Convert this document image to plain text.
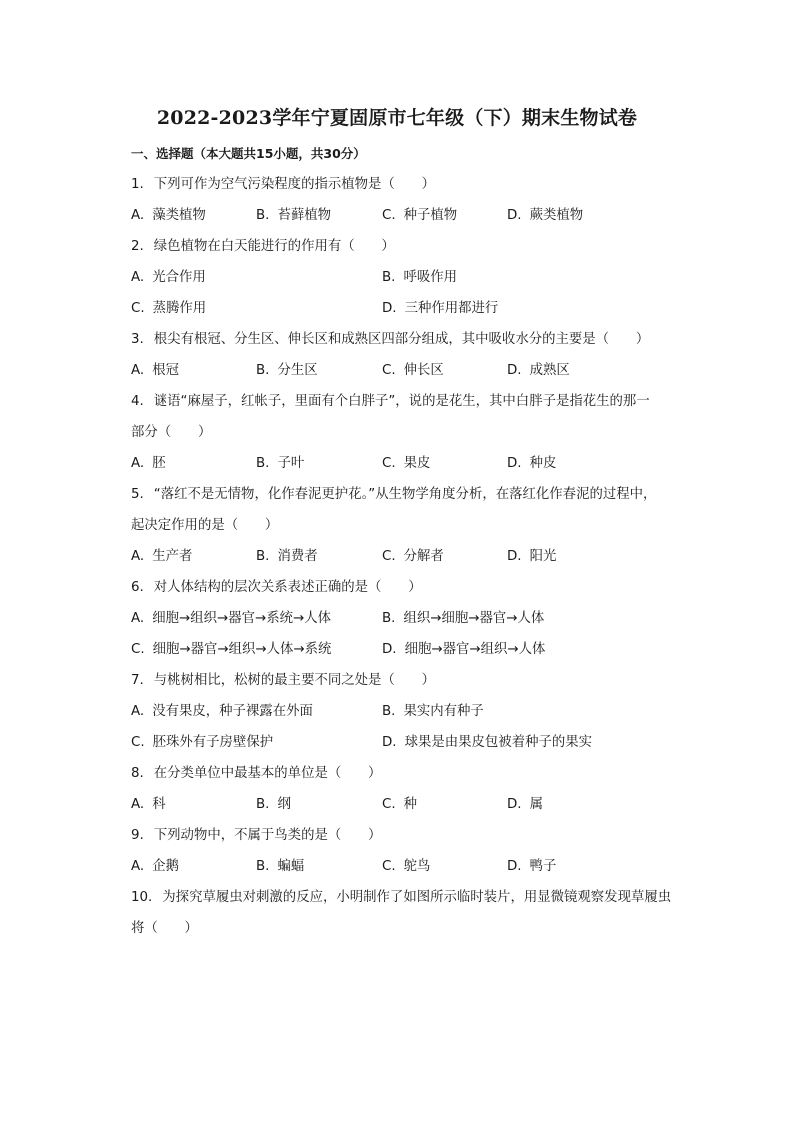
2022-2023学年宁夏固原市七年级（下）期末生物试卷
一、选择题（本大题共15小题，共30分）
1. 下列可作为空气污染程度的指示植物是（　　）
A. 藻类植物	B. 苔藓植物	C. 种子植物	D. 蕨类植物
2. 绿色植物在白天能进行的作用有（　　）
A. 光合作用	B. 呼吸作用
C. 蒸腾作用	D. 三种作用都进行
3. 根尖有根冠、分生区、伸长区和成熟区四部分组成，其中吸收水分的主要是（　　）
A. 根冠	B. 分生区	C. 伸长区	D. 成熟区
4. 谜语“麻屋子，红帐子，里面有个白胖子”，说的是花生，其中白胖子是指花生的那一
部分（　　）
A. 胚	B. 子叶	C. 果皮	D. 种皮
5. “落红不是无情物，化作春泥更护花。”从生物学角度分析，在落红化作春泥的过程中，
起决定作用的是（　　）
A. 生产者	B. 消费者	C. 分解者	D. 阳光
6. 对人体结构的层次关系表述正确的是（　　）
A. 细胞→组织→器官→系统→人体	B. 组织→细胞→器官→人体
C. 细胞→器官→组织→人体→系统	D. 细胞→器官→组织→人体
7. 与桃树相比，松树的最主要不同之处是（　　）
A. 没有果皮，种子裸露在外面	B. 果实内有种子
C. 胚珠外有子房壁保护	D. 球果是由果皮包被着种子的果实
8. 在分类单位中最基本的单位是（　　）
A. 科	B. 纲	C. 种	D. 属
9. 下列动物中，不属于鸟类的是（　　）
A. 企鹅	B. 蝙蝠	C. 鸵鸟	D. 鸭子
10. 为探究草履虫对刺激的反应，小明制作了如图所示临时装片，用显微镜观察发现草履虫
将（　　）
